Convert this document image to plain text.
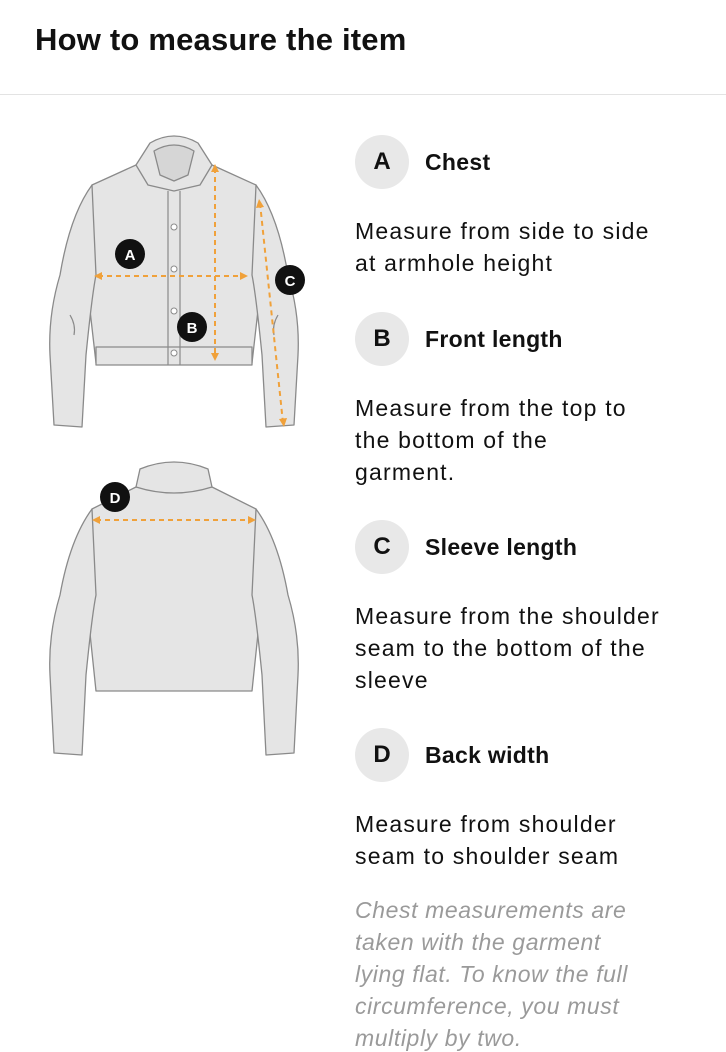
How to measure the item
A
B
C
D
A	Chest
Measure from side to side
at armhole height
B	Front length
Measure from the top to
the bottom of the
garment.
C	Sleeve length
Measure from the shoulder
seam to the bottom of the
sleeve
D	Back width
Measure from shoulder
seam to shoulder seam
Chest measurements are
taken with the garment
lying flat. To know the full
circumference, you must
multiply by two.
